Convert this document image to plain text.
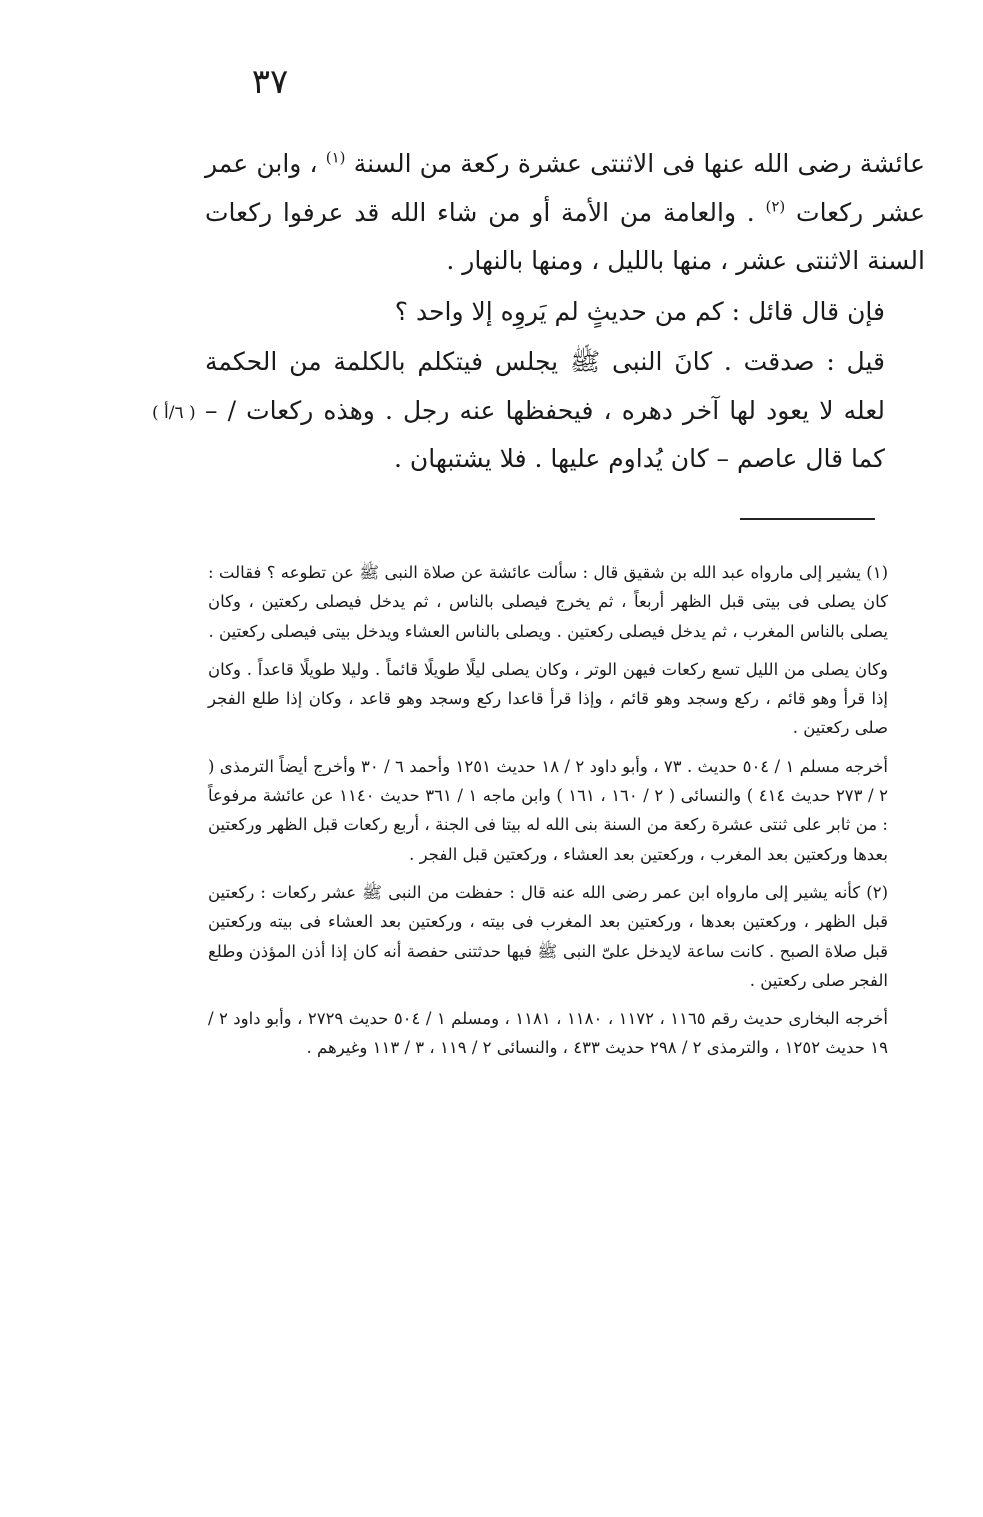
٣٧

عائشة رضى الله عنها فى الاثنتى عشرة ركعة من السنة $^{(١)}$ ، وابن عمر عشر ركعات $^{(٢)}$ . والعامة من الأمة أو من شاء الله قد عرفوا ركعات السنة الاثنتى عشر ، منها بالليل ، ومنها بالنهار .

فإن قال قائل : كم من حديثٍ لم يَروِه إلا واحد ؟

قيل : صدقت . كانَ النبى ﷺ يجلس فيتكلم بالكلمة من الحكمة لعله لا يعود لها آخر دهره ، فيحفظها عنه رجل . وهذه ركعات / – كما قال عاصم – كان يُداوم عليها . فلا يشتبهان .

( ٦/أ )

(١) يشير إلى مارواه عبد الله بن شقيق قال : سألت عائشة عن صلاة النبى ﷺ عن تطوعه ؟ فقالت : كان يصلى فى بيتى قبل الظهر أربعاً ، ثم يخرج فيصلى بالناس ، ثم يدخل فيصلى ركعتين ، وكان يصلى بالناس المغرب ، ثم يدخل فيصلى ركعتين . ويصلى بالناس العشاء ويدخل بيتى فيصلى ركعتين .

وكان يصلى من الليل تسع ركعات فيهن الوتر ، وكان يصلى ليلًا طويلًا قائماً . وليلا طويلًا قاعداً . وكان إذا قرأ وهو قائم ، ركع وسجد وهو قائم ، وإذا قرأ قاعدا ركع وسجد وهو قاعد ، وكان إذا طلع الفجر صلى ركعتين .

أخرجه مسلم ١ / ٥٠٤ حديث . ٧٣ ، وأبو داود ٢ / ١٨ حديث ١٢٥١ وأحمد ٦ / ٣٠ وأخرج أيضاً الترمذى ( ٢ / ٢٧٣ حديث ٤١٤ ) والنسائى ( ٢ / ١٦٠ ، ١٦١ ) وابن ماجه ١ / ٣٦١ حديث ١١٤٠ عن عائشة مرفوعاً : من ثابر على ثنتى عشرة ركعة من السنة بنى الله له بيتا فى الجنة ، أربع ركعات قبل الظهر وركعتين بعدها وركعتين بعد المغرب ، وركعتين بعد العشاء ، وركعتين قبل الفجر .

(٢) كأنه يشير إلى مارواه ابن عمر رضى الله عنه قال : حفظت من النبى ﷺ عشر ركعات : ركعتين قبل الظهر ، وركعتين بعدها ، وركعتين بعد المغرب فى بيته ، وركعتين بعد العشاء فى بيته وركعتين قبل صلاة الصبح . كانت ساعة لايدخل علىّ النبى ﷺ فيها حدثتنى حفصة أنه كان إذا أذن المؤذن وطلع الفجر صلى ركعتين .

أخرجه البخارى حديث رقم ١١٦٥ ، ١١٧٢ ، ١١٨٠ ، ١١٨١ ، ومسلم ١ / ٥٠٤ حديث ٢٧٢٩ ، وأبو داود ٢ / ١٩ حديث ١٢٥٢ ، والترمذى ٢ / ٢٩٨ حديث ٤٣٣ ، والنسائى ٢ / ١١٩ ، ٣ / ١١٣ وغيرهم .
